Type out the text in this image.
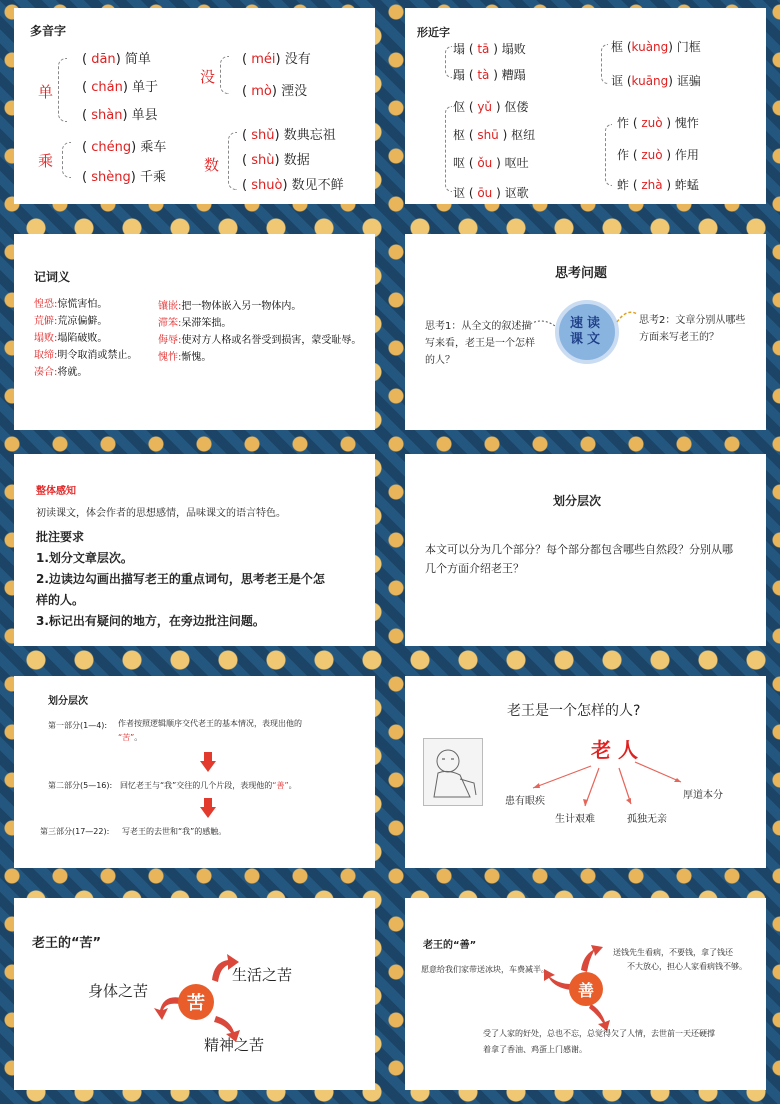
多音字
单
( dān) 简单
( chán) 单于
( shàn) 单县
没
( méi) 没有
( mò) 湮没
乘
( chéng) 乘车
( shèng) 千乘
数
( shǔ) 数典忘祖
( shù) 数据
( shuò) 数见不鲜
形近字
塌 ( tā ) 塌败
蹋 ( tà ) 糟蹋
伛 ( yǔ ) 伛偻
枢 ( shū ) 枢纽
呕 ( ǒu ) 呕吐
讴 ( ōu ) 讴歌
框 (kuàng) 门框
诓 (kuāng) 诓骗
怍 ( zuò ) 愧怍
作 ( zuò ) 作用
蚱 ( zhà ) 蚱蜢
记词义
惶恐:惊慌害怕。
荒僻:荒凉偏僻。
塌败:塌陷破败。
取缔:明令取消或禁止。
凑合:将就。
镶嵌:把一物体嵌入另一物体内。
滞笨:呆滞笨拙。
侮辱:使对方人格或名誉受到损害，蒙受耻辱。
愧怍:惭愧。
思考问题
速读
课文
思考1：从全文的叙述描
写来看，老王是一个怎样
的人？
思考2：文章分别从哪些
方面来写老王的？
整体感知
初读课文，体会作者的思想感情，品味课文的语言特色。
批注要求
1.划分文章层次。
2.边读边勾画出描写老王的重点词句，思考老王是个怎
样的人。
3.标记出有疑问的地方，在旁边批注问题。
划分层次
本文可以分为几个部分？每个部分都包含哪些自然段？分别从哪
几个方面介绍老王？
划分层次
第一部分(1—4): 作者按照逻辑顺序交代老王的基本情况，表现出他的
“苦”。
第二部分(5—16): 回忆老王与“我”交往的几个片段，表现他的“善”。
第三部分(17—22): 写老王的去世和“我”的感触。
老王是一个怎样的人?
老 人
患有眼疾
生计艰难	孤独无亲
厚道本分
老王的“苦”
苦
身体之苦
生活之苦
精神之苦
老王的“善”
善
愿意给我们家带送冰块，车费减半。
送钱先生看病，不要钱，拿了钱还
不大放心，担心人家看病钱不够。
受了人家的好处，总也不忘，总觉得欠了人情，去世前一天还硬撑
着拿了香油、鸡蛋上门感谢。
